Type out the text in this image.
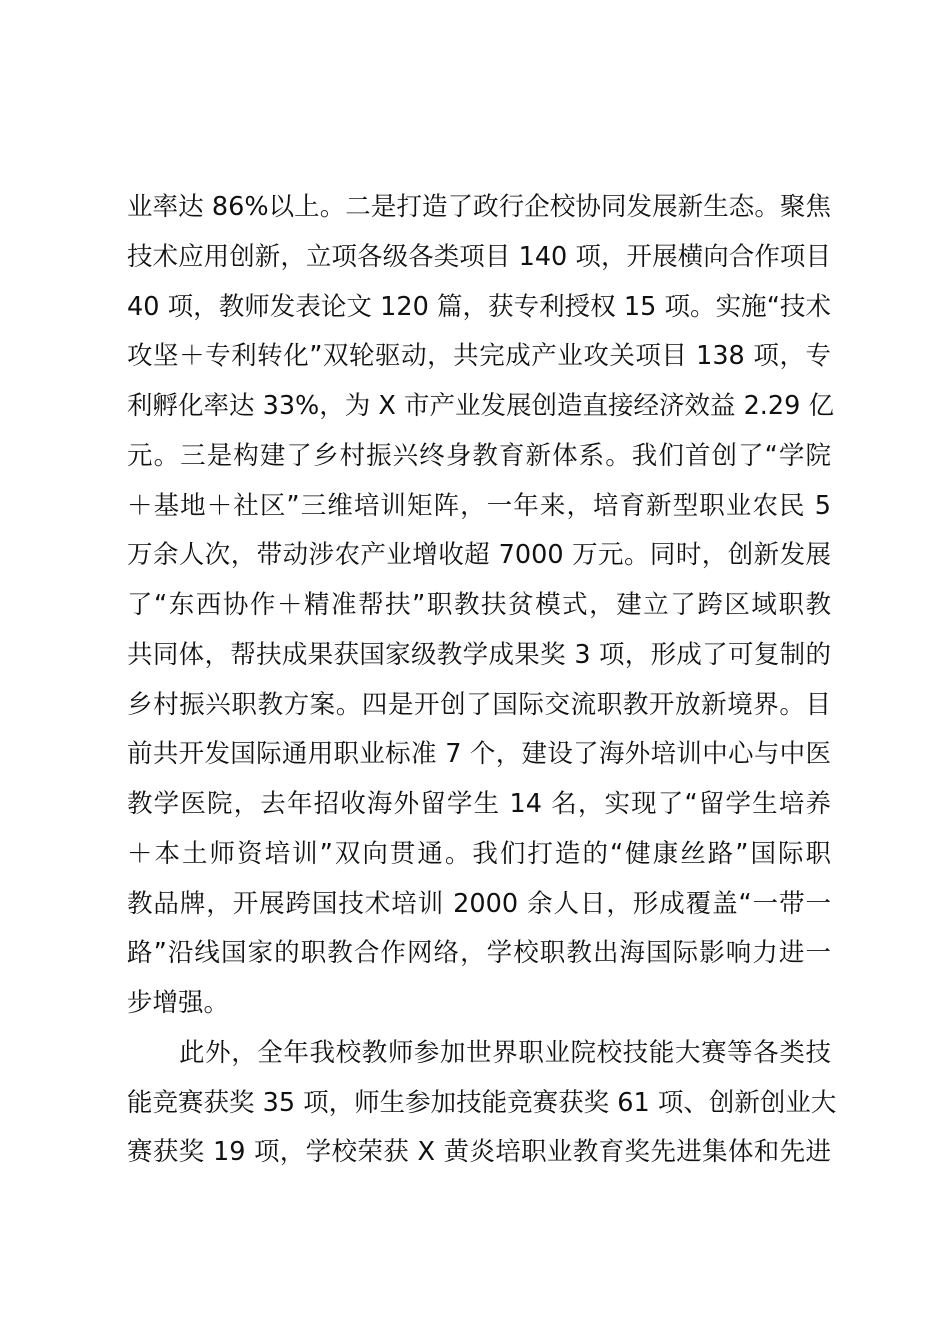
业率达 86%以上。二是打造了政行企校协同发展新生态。聚焦
技术应用创新，立项各级各类项目 140 项，开展横向合作项目
40 项，教师发表论文 120 篇，获专利授权 15 项。实施“技术
攻坚＋专利转化”双轮驱动，共完成产业攻关项目 138 项，专
利孵化率达 33%，为 X 市产业发展创造直接经济效益 2.29 亿
元。三是构建了乡村振兴终身教育新体系。我们首创了“学院
＋基地＋社区”三维培训矩阵，一年来，培育新型职业农民 5
万余人次，带动涉农产业增收超 7000 万元。同时，创新发展
了“东西协作＋精准帮扶”职教扶贫模式，建立了跨区域职教
共同体，帮扶成果获国家级教学成果奖 3 项，形成了可复制的
乡村振兴职教方案。四是开创了国际交流职教开放新境界。目
前共开发国际通用职业标准 7 个，建设了海外培训中心与中医
教学医院，去年招收海外留学生 14 名，实现了“留学生培养
＋本土师资培训”双向贯通。我们打造的“健康丝路”国际职
教品牌，开展跨国技术培训 2000 余人日，形成覆盖“一带一
路”沿线国家的职教合作网络，学校职教出海国际影响力进一
步增强。
此外，全年我校教师参加世界职业院校技能大赛等各类技
能竞赛获奖 35 项，师生参加技能竞赛获奖 61 项、创新创业大
赛获奖 19 项，学校荣获 X 黄炎培职业教育奖先进集体和先进
